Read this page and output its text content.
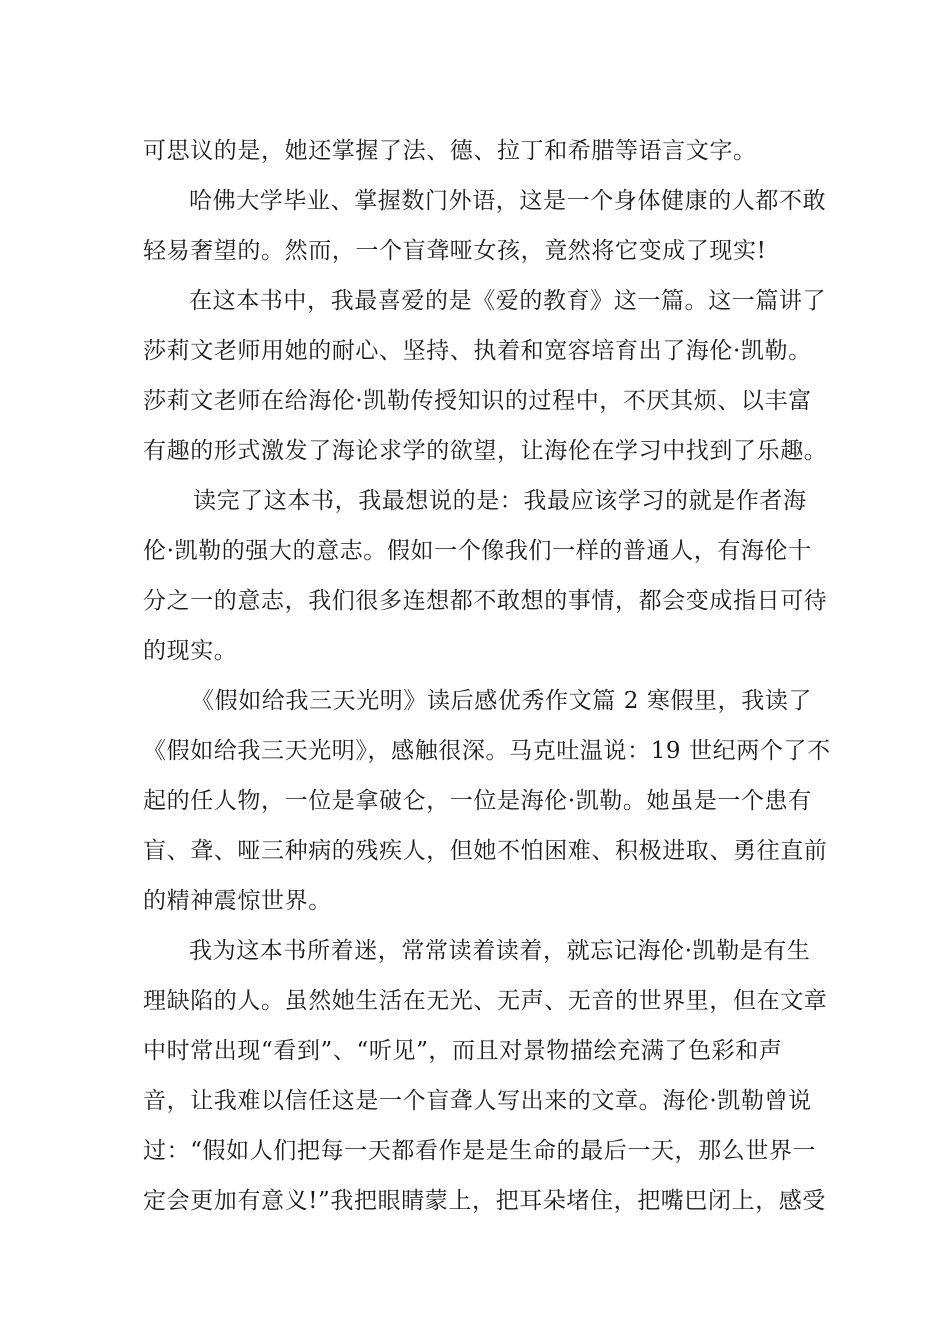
可思议的是，她还掌握了法、德、拉丁和希腊等语言文字。
哈佛大学毕业、掌握数门外语，这是一个身体健康的人都不敢
轻易奢望的。然而，一个盲聋哑女孩，竟然将它变成了现实!
在这本书中，我最喜爱的是《爱的教育》这一篇。这一篇讲了
莎莉文老师用她的耐心、坚持、执着和宽容培育出了海伦·凯勒。
莎莉文老师在给海伦·凯勒传授知识的过程中，不厌其烦、以丰富
有趣的形式激发了海论求学的欲望，让海伦在学习中找到了乐趣。
读完了这本书，我最想说的是：我最应该学习的就是作者海
伦·凯勒的强大的意志。假如一个像我们一样的普通人，有海伦十
分之一的意志，我们很多连想都不敢想的事情，都会变成指日可待
的现实。
《假如给我三天光明》读后感优秀作文篇 2 寒假里，我读了
《假如给我三天光明》，感触很深。马克吐温说：19 世纪两个了不
起的任人物，一位是拿破仑，一位是海伦·凯勒。她虽是一个患有
盲、聋、哑三种病的残疾人，但她不怕困难、积极进取、勇往直前
的精神震惊世界。
我为这本书所着迷，常常读着读着，就忘记海伦·凯勒是有生
理缺陷的人。虽然她生活在无光、无声、无音的世界里，但在文章
中时常出现“看到”、“听见”，而且对景物描绘充满了色彩和声
音，让我难以信任这是一个盲聋人写出来的文章。海伦·凯勒曾说
过：“假如人们把每一天都看作是是生命的最后一天，那么世界一
定会更加有意义!”我把眼睛蒙上，把耳朵堵住，把嘴巴闭上，感受
